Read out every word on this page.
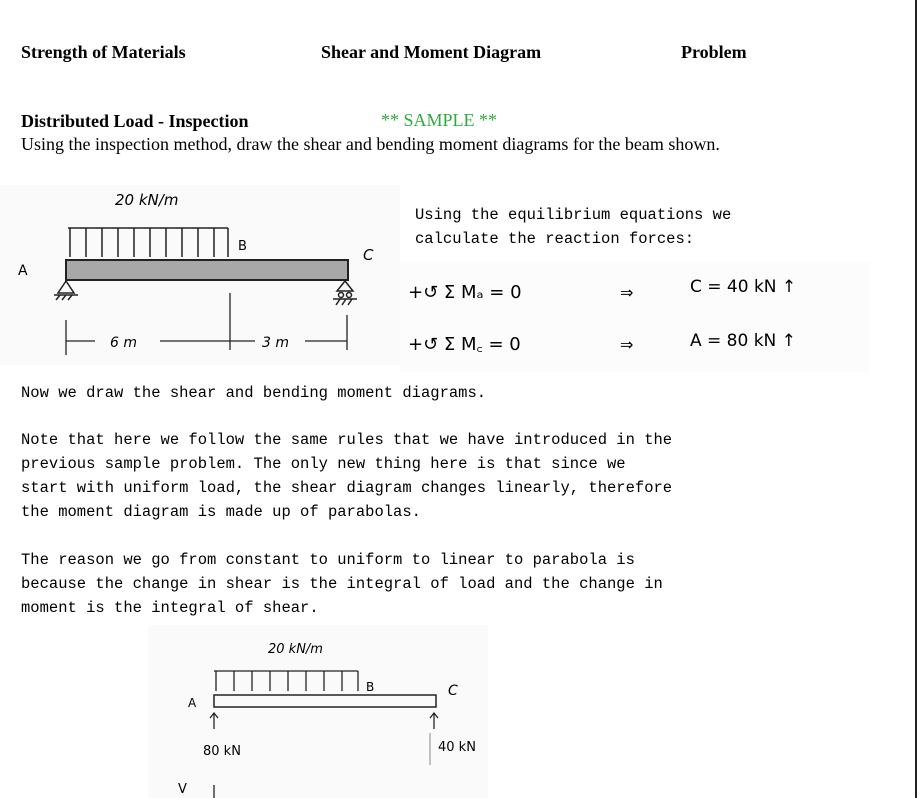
Strength of Materials	Shear and Moment Diagram	Problem
Distributed Load - Inspection	** SAMPLE **
Using the inspection method, draw the shear and bending moment diagrams for the beam shown.
20 kN/m
B
A
C
6 m	3 m
Using the equilibrium equations we
calculate the reaction forces:
+↺ Σ Mₐ = 0	⇒	C = 40 kN ↑
+↺ Σ M꜀ = 0	⇒	A = 80 kN ↑
Now we draw the shear and bending moment diagrams.
Note that here we follow the same rules that we have introduced in the
previous sample problem. The only new thing here is that since we
start with uniform load, the shear diagram changes linearly, therefore
the moment diagram is made up of parabolas.
The reason we go from constant to uniform to linear to parabola is
because the change in shear is the integral of load and the change in
moment is the integral of shear.
20 kN/m
A
B	C
80 kN	40 kN
V
